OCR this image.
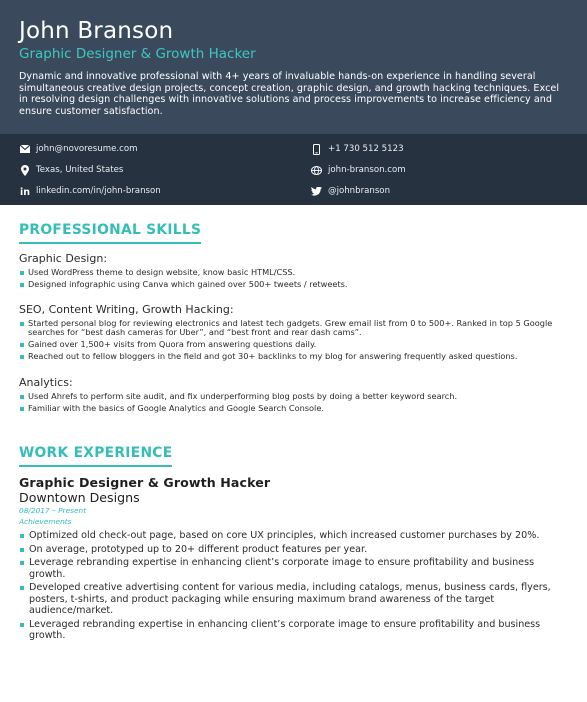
John Branson
Graphic Designer & Growth Hacker
Dynamic and innovative professional with 4+ years of invaluable hands-on experience in handling several simultaneous creative design projects, concept creation, graphic design, and growth hacking techniques. Excel in resolving design challenges with innovative solutions and process improvements to increase efficiency and ensure customer satisfaction.
john@novoresume.com
Texas, United States
in linkedin.com/in/john-branson
+1 730 512 5123
john-branson.com
@johnbranson
PROFESSIONAL SKILLS
Graphic Design:
Used WordPress theme to design website, know basic HTML/CSS.
Designed infographic using Canva which gained over 500+ tweets / retweets.
SEO, Content Writing, Growth Hacking:
Started personal blog for reviewing electronics and latest tech gadgets. Grew email list from 0 to 500+. Ranked in top 5 Google searches for “best dash cameras for Uber”, and “best front and rear dash cams”.
Gained over 1,500+ visits from Quora from answering questions daily.
Reached out to fellow bloggers in the field and got 30+ backlinks to my blog for answering frequently asked questions.
Analytics:
Used Ahrefs to perform site audit, and fix underperforming blog posts by doing a better keyword search.
Familiar with the basics of Google Analytics and Google Search Console.
WORK EXPERIENCE
Graphic Designer & Growth Hacker
Downtown Designs
08/2017 – Present
Achievements
Optimized old check-out page, based on core UX principles, which increased customer purchases by 20%.
On average, prototyped up to 20+ different product features per year.
Leverage rebranding expertise in enhancing client’s corporate image to ensure profitability and business growth.
Developed creative advertising content for various media, including catalogs, menus, business cards, flyers, posters, t-shirts, and product packaging while ensuring maximum brand awareness of the target audience/market.
Leveraged rebranding expertise in enhancing client’s corporate image to ensure profitability and business growth.
